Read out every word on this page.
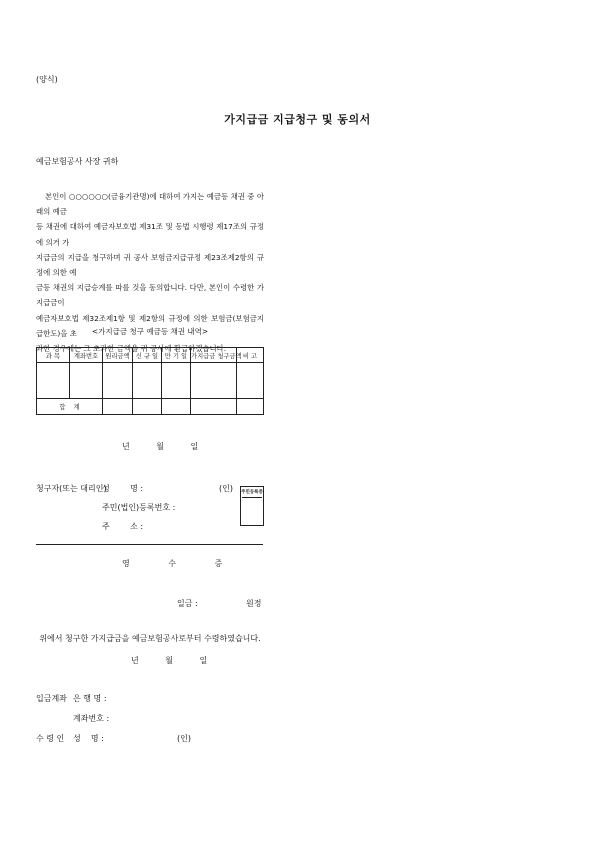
(양식)
가지급금 지급청구 및 동의서
예금보험공사 사장 귀하
본인이 ○○○○○○(금융기관명)에 대하여 가지는 예금등 채권 중 아래의 예금
등 채권에 대하여 예금자보호법 제31조 및 동법 시행령 제17조의 규정에 의거 가
지급금의 지급을 청구하며 귀 공사 보험금지급규정 제23조제2항의 규정에 의한 예
금등 채권의 지급승계를 따를 것을 동의합니다. 다만, 본인이 수령한 가지급금이
예금자보호법 제32조제1항 및 제2항의 규정에 의한 보험금(보험금지급한도)을 초
과한 경우에는 그 초과한 금액을 귀 공사에 환급하겠습니다.
<가지급금 청구 예금등 채권 내역>
과 목	계좌번호	원리금액	신 규 일	만 기 일	가지급금 청구금액	비 고

합    계						
년 월 일
청구자(또는 대리인)
성        명 :	(인)
주민(법인)등록번호 :
주        소 :
주민등록증
영 수 증
일금 :	원정
위에서 청구한 가지급금을 예금보험공사로부터 수령하였습니다.
년 월 일
입금계좌 은 행 명 :
계좌번호 :
수 령 인 성    명 :	(인)
